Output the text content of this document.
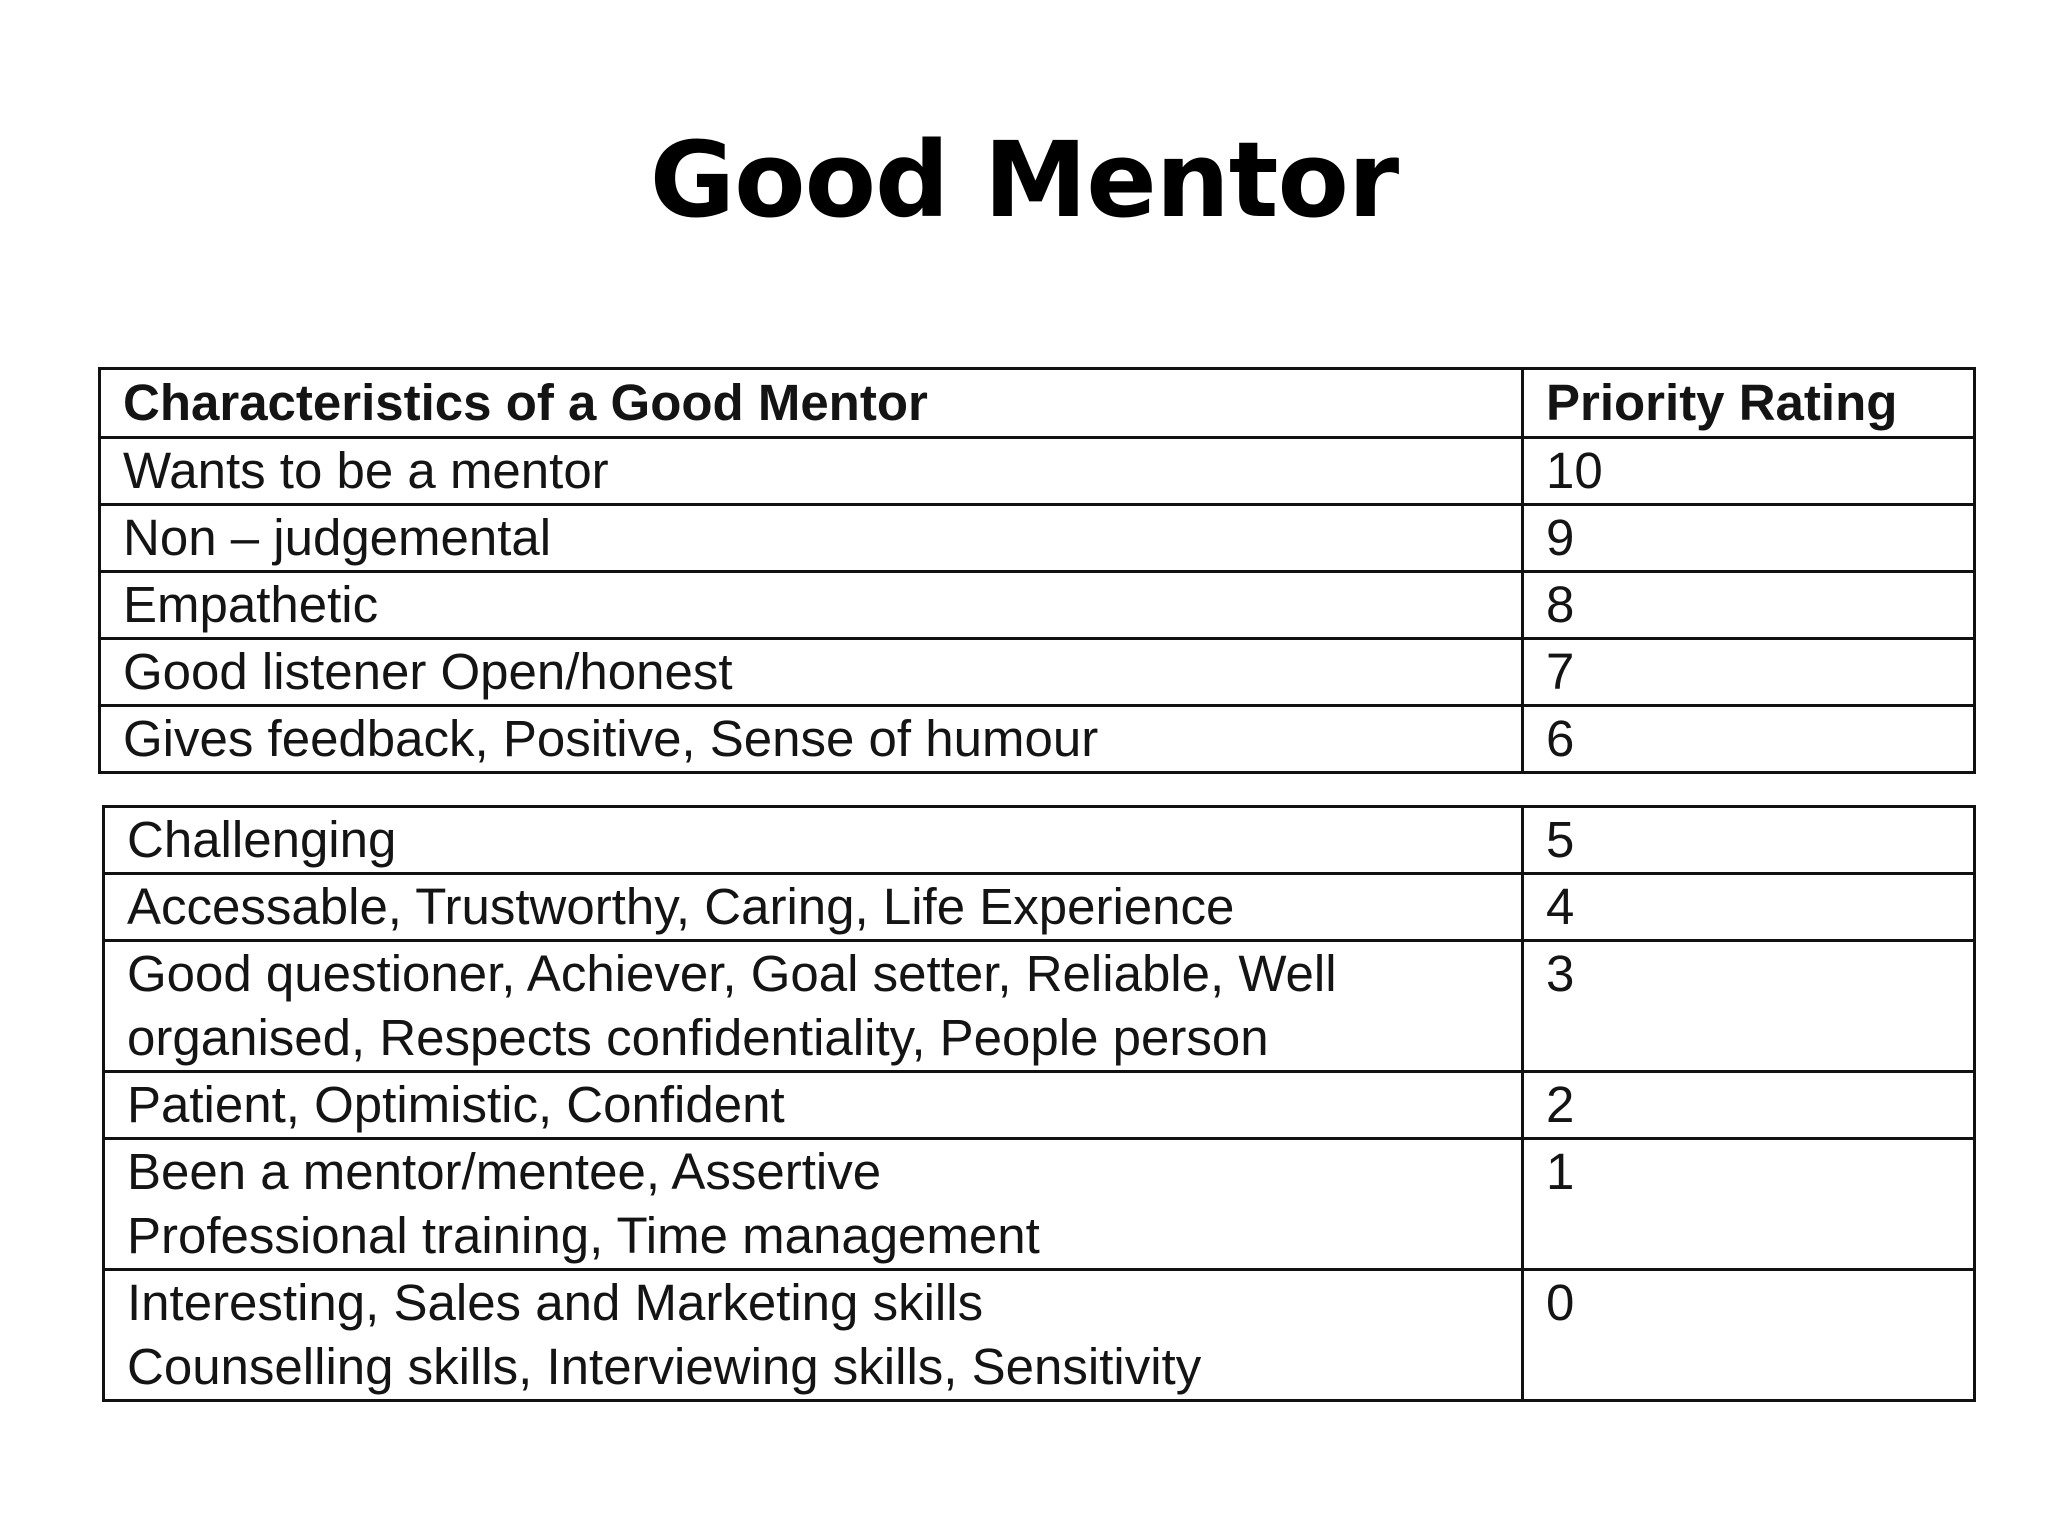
Good Mentor
Characteristics of a Good Mentor	Priority Rating
Wants to be a mentor	10
Non – judgemental	9
Empathetic	8
Good listener Open/honest	7
Gives feedback, Positive, Sense of humour	6
Challenging	5

Accessable, Trustworthy, Caring, Life Experience	4

Good questioner, Achiever, Goal setter, Reliable, Well
organised, Respects confidentiality, People person	3

Patient, Optimistic, Confident	2

Been a mentor/mentee, Assertive
Professional training, Time management	1

Interesting, Sales and Marketing skills
Counselling skills, Interviewing skills, Sensitivity	0
